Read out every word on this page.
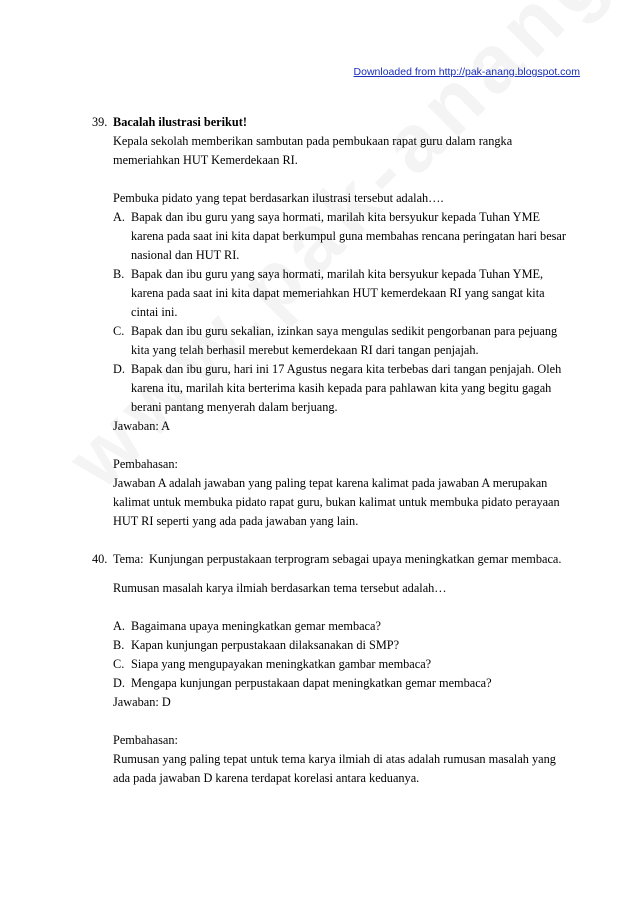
Downloaded from http://pak-anang.blogspot.com
39. Bacalah ilustrasi berikut!

Kepala sekolah memberikan sambutan pada pembukaan rapat guru dalam rangka memeriahkan HUT Kemerdekaan RI.

Pembuka pidato yang tepat berdasarkan ilustrasi tersebut adalah….

A. Bapak dan ibu guru yang saya hormati, marilah kita bersyukur kepada Tuhan YME karena pada saat ini kita dapat berkumpul guna membahas rencana peringatan hari besar nasional dan HUT RI.
B. Bapak dan ibu guru yang saya hormati, marilah kita bersyukur kepada Tuhan YME, karena pada saat ini kita dapat memeriahkan HUT kemerdekaan RI yang sangat kita cintai ini.
C. Bapak dan ibu guru sekalian, izinkan saya mengulas sedikit pengorbanan para pejuang kita yang telah berhasil merebut kemerdekaan RI dari tangan penjajah.
D. Bapak dan ibu guru, hari ini 17 Agustus negara kita terbebas dari tangan penjajah. Oleh karena itu, marilah kita berterima kasih kepada para pahlawan kita yang begitu gagah berani pantang menyerah dalam berjuang.

Jawaban: A

Pembahasan:

Jawaban A adalah jawaban yang paling tepat karena kalimat pada jawaban A merupakan kalimat untuk membuka pidato rapat guru, bukan kalimat untuk membuka pidato perayaan HUT RI seperti yang ada pada jawaban yang lain.

40. Tema: Kunjungan perpustakaan terprogram sebagai upaya meningkatkan gemar membaca.

Rumusan masalah karya ilmiah berdasarkan tema tersebut adalah…

A. Bagaimana upaya meningkatkan gemar membaca?
B. Kapan kunjungan perpustakaan dilaksanakan di SMP?
C. Siapa yang mengupayakan meningkatkan gambar membaca?
D. Mengapa kunjungan perpustakaan dapat meningkatkan gemar membaca?

Jawaban: D

Pembahasan:

Rumusan yang paling tepat untuk tema karya ilmiah di atas adalah rumusan masalah yang ada pada jawaban D karena terdapat korelasi antara keduanya.
